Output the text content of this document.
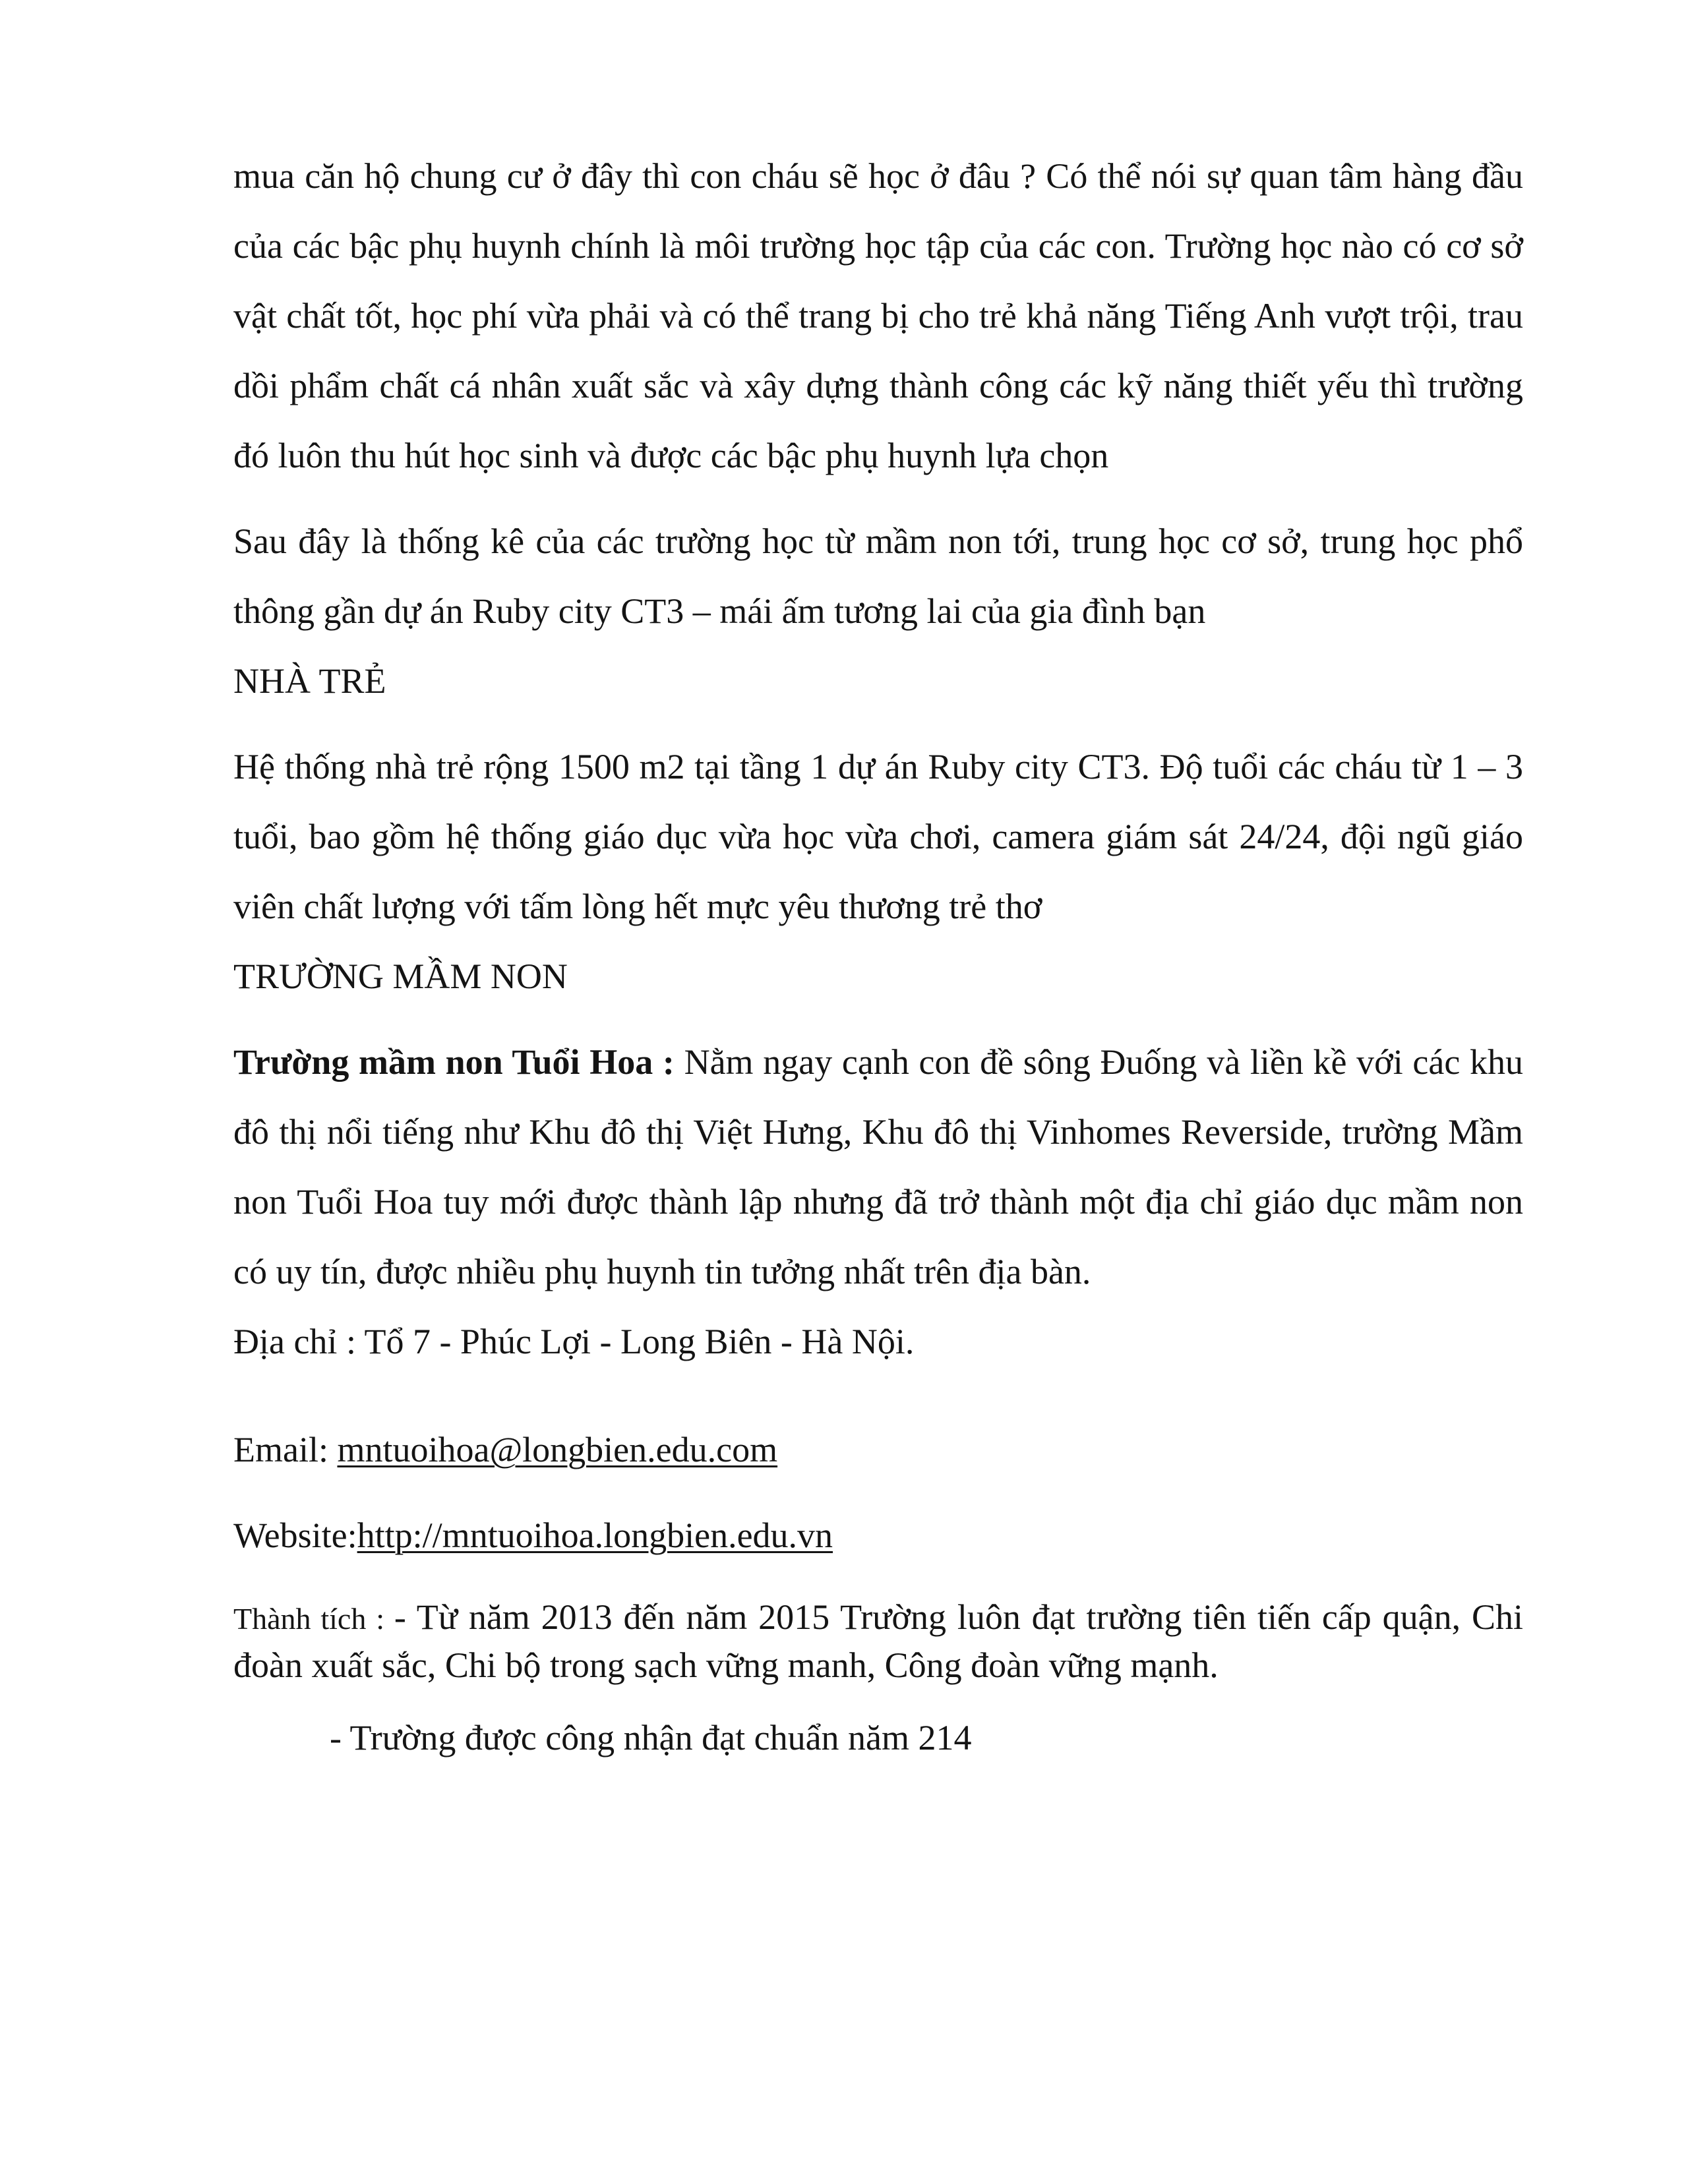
mua căn hộ chung cư ở đây thì con cháu sẽ học ở đâu ? Có thể nói sự quan tâm hàng đầu của các bậc phụ huynh chính là môi trường học tập của các con. Trường học nào có cơ sở vật chất tốt, học phí vừa phải và có thể trang bị cho trẻ khả năng Tiếng Anh vượt trội, trau dồi phẩm chất cá nhân xuất sắc và xây dựng thành công các kỹ năng thiết yếu thì trường đó luôn thu hút học sinh và được các bậc phụ huynh lựa chọn

Sau đây là thống kê của các trường học từ mầm non tới, trung học cơ sở, trung học phổ thông gần dự án Ruby city CT3 – mái ấm tương lai của gia đình bạn

NHÀ TRẺ

Hệ thống nhà trẻ rộng 1500 m2 tại tầng 1 dự án Ruby city CT3. Độ tuổi các cháu từ 1 – 3 tuổi, bao gồm hệ thống giáo dục vừa học vừa chơi, camera giám sát 24/24, đội ngũ giáo viên chất lượng với tấm lòng hết mực yêu thương trẻ thơ

TRƯỜNG MẦM NON

Trường mầm non Tuổi Hoa : Nằm ngay cạnh con đề sông Đuống và liền kề với các khu đô thị nổi tiếng như Khu đô thị Việt Hưng, Khu đô thị Vinhomes Reverside, trường Mầm non Tuổi Hoa tuy mới được thành lập nhưng đã trở thành một địa chỉ giáo dục mầm non có uy tín, được nhiều phụ huynh tin tưởng nhất trên địa bàn.

Địa chỉ : Tổ 7 - Phúc Lợi - Long Biên - Hà Nội.

Email: mntuoihoa@longbien.edu.com

Website:http://mntuoihoa.longbien.edu.vn

Thành tích : - Từ năm 2013 đến năm 2015 Trường luôn đạt trường tiên tiến cấp quận, Chi đoàn xuất sắc, Chi bộ trong sạch vững manh, Công đoàn vững mạnh.

- Trường được công nhận đạt chuẩn năm 214
